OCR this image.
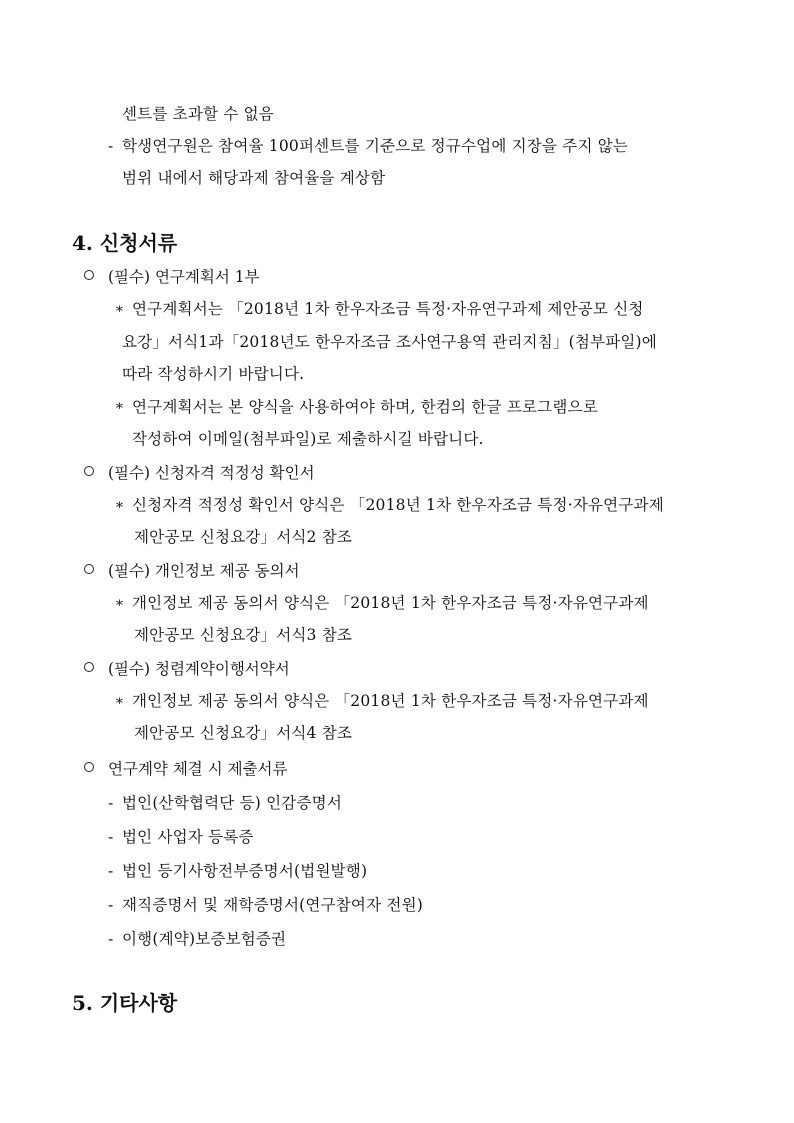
센트를 초과할 수 없음
- 학생연구원은 참여율 100퍼센트를 기준으로 정규수업에 지장을 주지 않는
범위 내에서 해당과제 참여율을 계상함
4. 신청서류
(필수) 연구계획서 1부
* 연구계획서는 「2018년 1차 한우자조금 특정·자유연구과제 제안공모 신청
요강」서식1과「2018년도 한우자조금 조사연구용역 관리지침」(첨부파일)에
따라 작성하시기 바랍니다.
* 연구계획서는 본 양식을 사용하여야 하며, 한컴의 한글 프로그램으로
작성하여 이메일(첨부파일)로 제출하시길 바랍니다.
(필수) 신청자격 적정성 확인서
* 신청자격 적정성 확인서 양식은 「2018년 1차 한우자조금 특정·자유연구과제
제안공모 신청요강」서식2 참조
(필수) 개인정보 제공 동의서
* 개인정보 제공 동의서 양식은 「2018년 1차 한우자조금 특정·자유연구과제
제안공모 신청요강」서식3 참조
(필수) 청렴계약이행서약서
* 개인정보 제공 동의서 양식은 「2018년 1차 한우자조금 특정·자유연구과제
제안공모 신청요강」서식4 참조
연구계약 체결 시 제출서류
- 법인(산학협력단 등) 인감증명서
- 법인 사업자 등록증
- 법인 등기사항전부증명서(법원발행)
- 재직증명서 및 재학증명서(연구참여자 전원)
- 이행(계약)보증보험증권
5. 기타사항
